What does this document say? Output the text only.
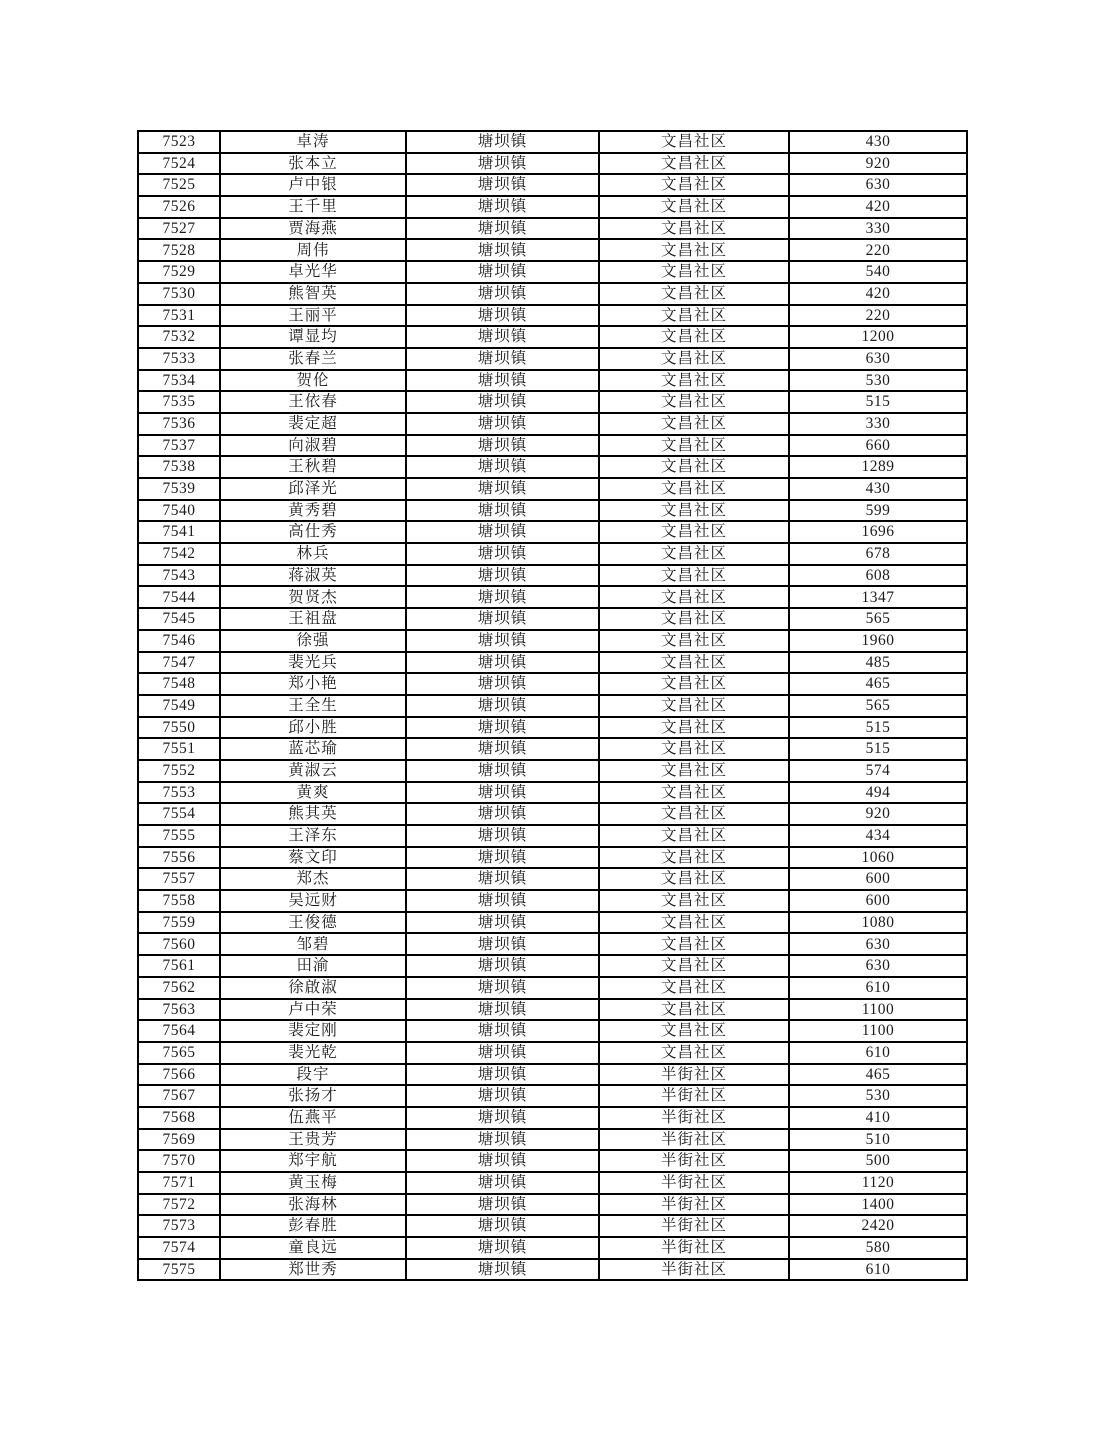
7523	卓涛	塘坝镇	文昌社区	430
7524	张本立	塘坝镇	文昌社区	920
7525	卢中银	塘坝镇	文昌社区	630
7526	王千里	塘坝镇	文昌社区	420
7527	贾海燕	塘坝镇	文昌社区	330
7528	周伟	塘坝镇	文昌社区	220
7529	卓光华	塘坝镇	文昌社区	540
7530	熊智英	塘坝镇	文昌社区	420
7531	王丽平	塘坝镇	文昌社区	220
7532	谭显均	塘坝镇	文昌社区	1200
7533	张春兰	塘坝镇	文昌社区	630
7534	贺伦	塘坝镇	文昌社区	530
7535	王依春	塘坝镇	文昌社区	515
7536	裴定超	塘坝镇	文昌社区	330
7537	向淑碧	塘坝镇	文昌社区	660
7538	王秋碧	塘坝镇	文昌社区	1289
7539	邱泽光	塘坝镇	文昌社区	430
7540	黄秀碧	塘坝镇	文昌社区	599
7541	高仕秀	塘坝镇	文昌社区	1696
7542	林兵	塘坝镇	文昌社区	678
7543	蒋淑英	塘坝镇	文昌社区	608
7544	贺贤杰	塘坝镇	文昌社区	1347
7545	王祖盘	塘坝镇	文昌社区	565
7546	徐强	塘坝镇	文昌社区	1960
7547	裴光兵	塘坝镇	文昌社区	485
7548	郑小艳	塘坝镇	文昌社区	465
7549	王全生	塘坝镇	文昌社区	565
7550	邱小胜	塘坝镇	文昌社区	515
7551	蓝芯瑜	塘坝镇	文昌社区	515
7552	黄淑云	塘坝镇	文昌社区	574
7553	黄爽	塘坝镇	文昌社区	494
7554	熊其英	塘坝镇	文昌社区	920
7555	王泽东	塘坝镇	文昌社区	434
7556	蔡文印	塘坝镇	文昌社区	1060
7557	郑杰	塘坝镇	文昌社区	600
7558	吴远财	塘坝镇	文昌社区	600
7559	王俊德	塘坝镇	文昌社区	1080
7560	邹碧	塘坝镇	文昌社区	630
7561	田渝	塘坝镇	文昌社区	630
7562	徐啟淑	塘坝镇	文昌社区	610
7563	卢中荣	塘坝镇	文昌社区	1100
7564	裴定刚	塘坝镇	文昌社区	1100
7565	裴光乾	塘坝镇	文昌社区	610
7566	段宇	塘坝镇	半街社区	465
7567	张扬才	塘坝镇	半街社区	530
7568	伍燕平	塘坝镇	半街社区	410
7569	王贵芳	塘坝镇	半街社区	510
7570	郑宇航	塘坝镇	半街社区	500
7571	黄玉梅	塘坝镇	半街社区	1120
7572	张海林	塘坝镇	半街社区	1400
7573	彭春胜	塘坝镇	半街社区	2420
7574	童良远	塘坝镇	半街社区	580
7575	郑世秀	塘坝镇	半街社区	610
